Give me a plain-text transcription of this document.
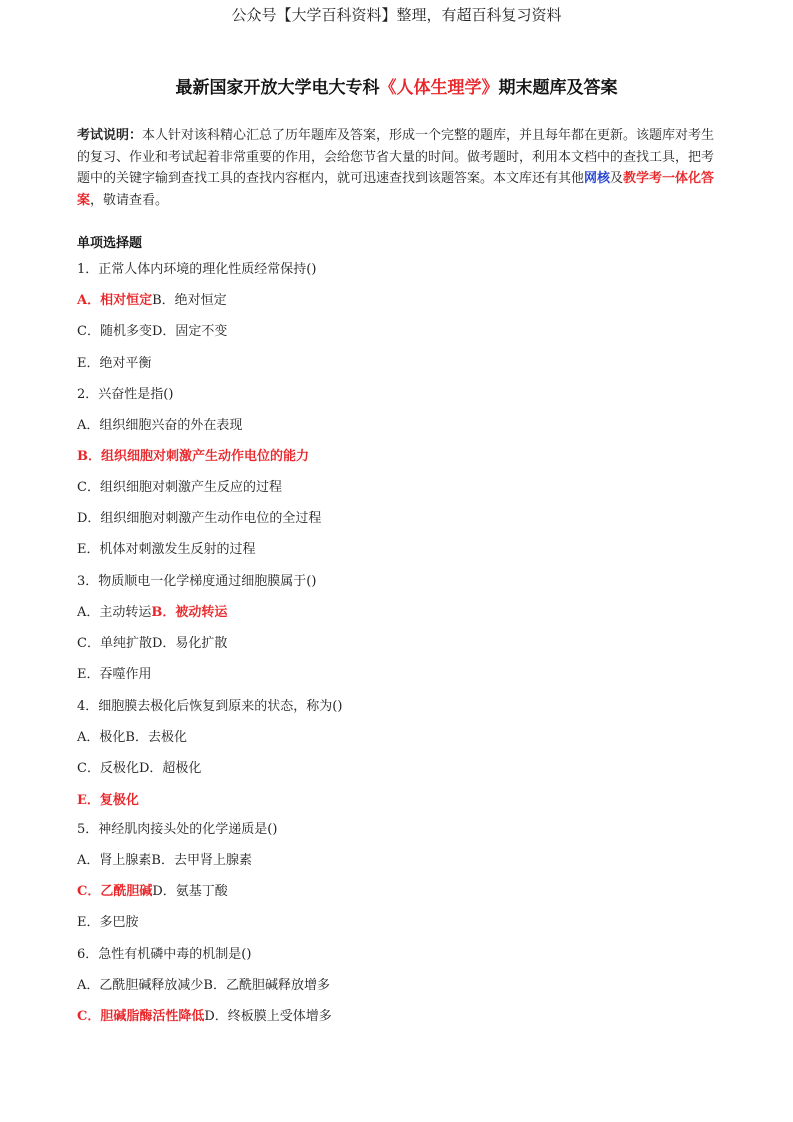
公众号【大学百科资料】整理，有超百科复习资料
最新国家开放大学电大专科《人体生理学》期末题库及答案
考试说明：本人针对该科精心汇总了历年题库及答案，形成一个完整的题库，并且每年都在更新。该题库对考生的复习、作业和考试起着非常重要的作用，会给您节省大量的时间。做考题时，利用本文档中的查找工具，把考题中的关键字输到查找工具的查找内容框内，就可迅速查找到该题答案。本文库还有其他网核及教学考一体化答案，敬请查看。
单项选择题
1．正常人体内环境的理化性质经常保持()
A．相对恒定B．绝对恒定
C．随机多变D．固定不变
E．绝对平衡
2．兴奋性是指()
A．组织细胞兴奋的外在表现
B．组织细胞对刺激产生动作电位的能力
C．组织细胞对刺激产生反应的过程
D．组织细胞对刺激产生动作电位的全过程
E．机体对刺激发生反射的过程
3．物质顺电一化学梯度通过细胞膜属于()
A．主动转运B．被动转运
C．单纯扩散D．易化扩散
E．吞噬作用
4．细胞膜去极化后恢复到原来的状态，称为()
A．极化B．去极化
C．反极化D．超极化
E．复极化
5．神经肌肉接头处的化学递质是()
A．肾上腺素B．去甲肾上腺素
C．乙酰胆碱D．氨基丁酸
E．多巴胺
6．急性有机磷中毒的机制是()
A．乙酰胆碱释放减少B．乙酰胆碱释放增多
C．胆碱脂酶活性降低D．终板膜上受体增多
